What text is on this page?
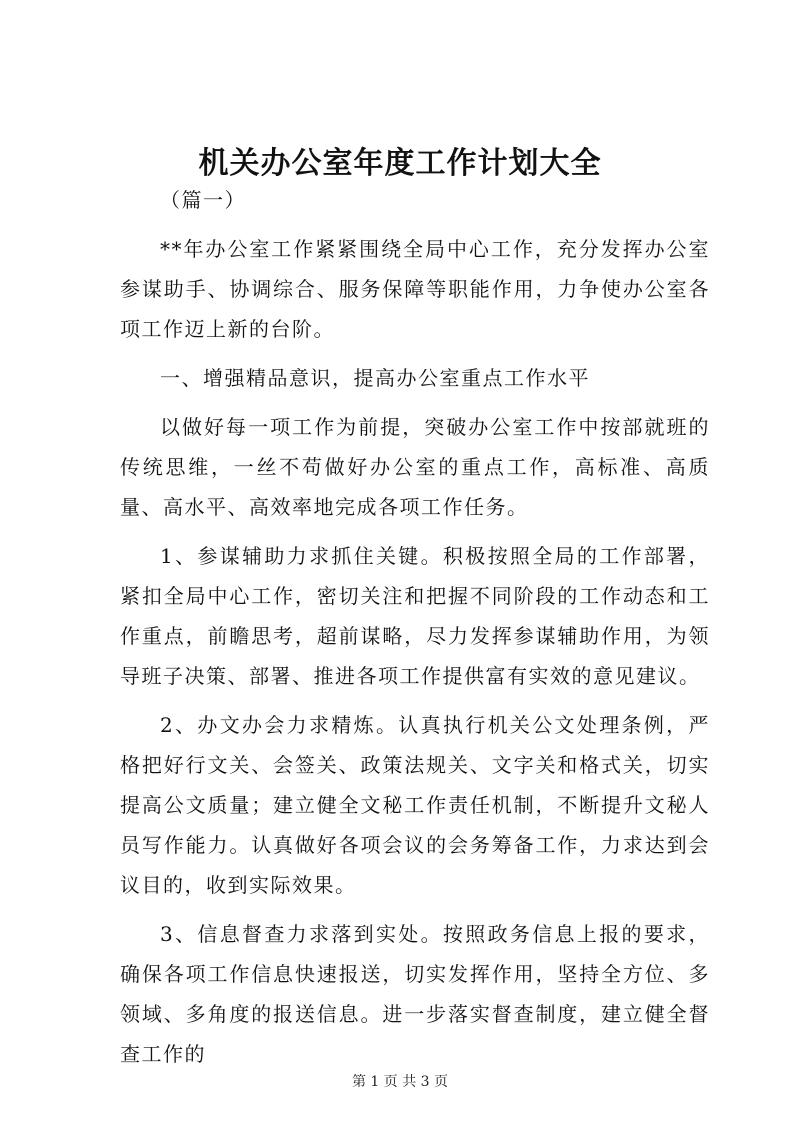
机关办公室年度工作计划大全

（篇一）

**年办公室工作紧紧围绕全局中心工作，充分发挥办公室参谋助手、协调综合、服务保障等职能作用，力争使办公室各项工作迈上新的台阶。

一、增强精品意识，提高办公室重点工作水平

以做好每一项工作为前提，突破办公室工作中按部就班的传统思维，一丝不苟做好办公室的重点工作，高标准、高质量、高水平、高效率地完成各项工作任务。

1、参谋辅助力求抓住关键。积极按照全局的工作部署，紧扣全局中心工作，密切关注和把握不同阶段的工作动态和工作重点，前瞻思考，超前谋略，尽力发挥参谋辅助作用，为领导班子决策、部署、推进各项工作提供富有实效的意见建议。

2、办文办会力求精炼。认真执行机关公文处理条例，严格把好行文关、会签关、政策法规关、文字关和格式关，切实提高公文质量；建立健全文秘工作责任机制，不断提升文秘人员写作能力。认真做好各项会议的会务筹备工作，力求达到会议目的，收到实际效果。

3、信息督查力求落到实处。按照政务信息上报的要求，确保各项工作信息快速报送，切实发挥作用，坚持全方位、多领域、多角度的报送信息。进一步落实督查制度，建立健全督查工作的

第 1 页 共 3 页
